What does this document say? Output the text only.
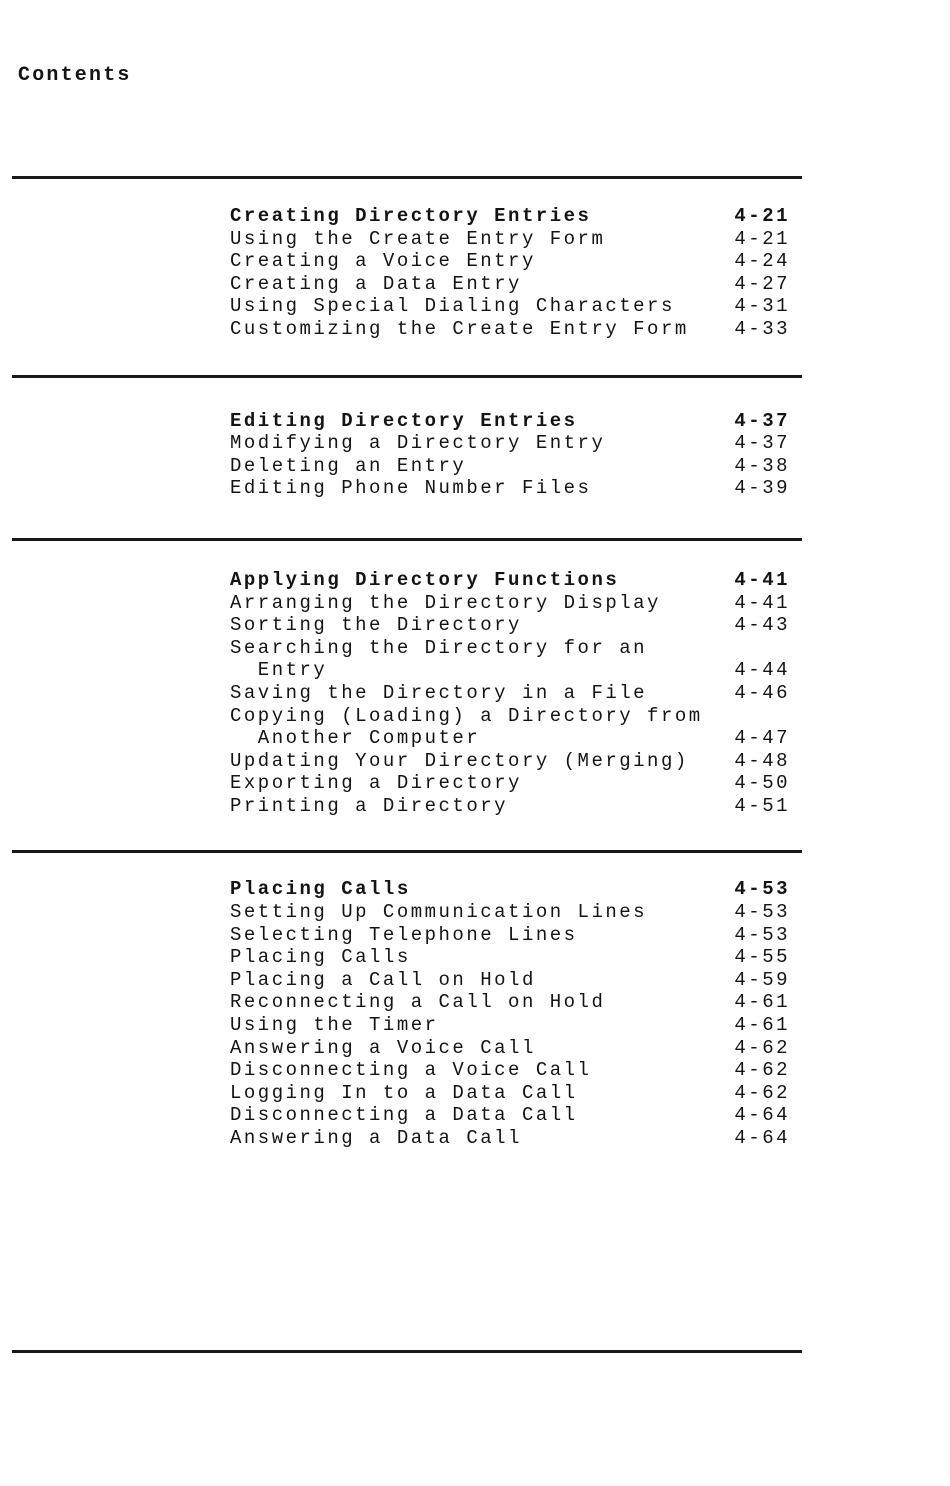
Contents
Creating Directory Entries	4-21
Using the Create Entry Form	4-21
Creating a Voice Entry	4-24
Creating a Data Entry	4-27
Using Special Dialing Characters	4-31
Customizing the Create Entry Form 4-33
Editing Directory Entries	4-37
Modifying a Directory Entry	4-37
Deleting an Entry	4-38
Editing Phone Number Files	4-39
Applying Directory Functions	4-41
Arranging the Directory Display	4-41
Sorting the Directory	4-43
Searching the Directory for an
Entry	4-44
Saving the Directory in a File	4-46
Copying (Loading) a Directory from
Another Computer	4-47
Updating Your Directory (Merging) 4-48
Exporting a Directory	4-50
Printing a Directory	4-51
Placing Calls	4-53
Setting Up Communication Lines	4-53
Selecting Telephone Lines	4-53
Placing Calls	4-55
Placing a Call on Hold	4-59
Reconnecting a Call on Hold	4-61
Using the Timer	4-61
Answering a Voice Call	4-62
Disconnecting a Voice Call	4-62
Logging In to a Data Call	4-62
Disconnecting a Data Call	4-64
Answering a Data Call	4-64
